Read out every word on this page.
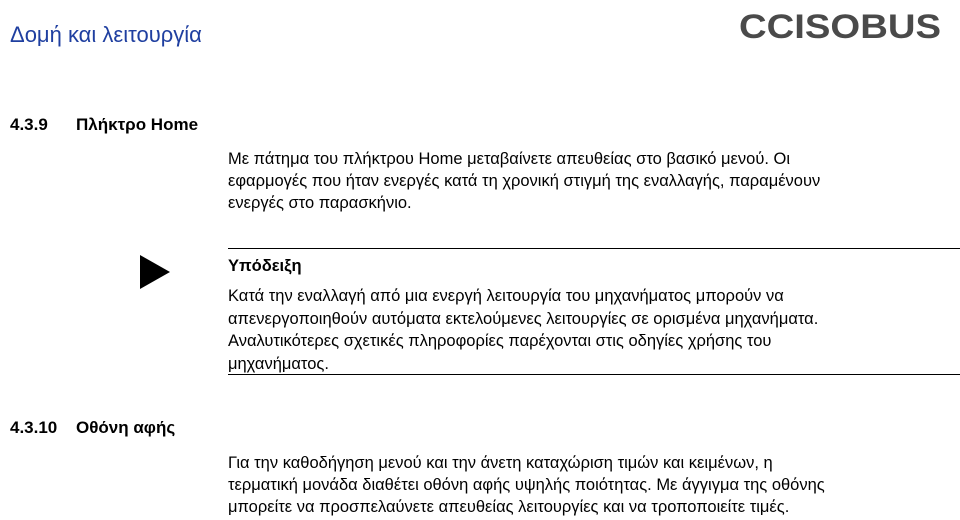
Δομή και λειτουργία	CCISOBUS
4.3.9 Πλήκτρο Home

Με πάτημα του πλήκτρου Home μεταβαίνετε απευθείας στο βασικό μενού. Οι
εφαρμογές που ήταν ενεργές κατά τη χρονική στιγμή της εναλλαγής, παραμένουν
ενεργές στο παρασκήνιο.

Υπόδειξη

Κατά την εναλλαγή από μια ενεργή λειτουργία του μηχανήματος μπορούν να
απενεργοποιηθούν αυτόματα εκτελούμενες λειτουργίες σε ορισμένα μηχανήματα.
Αναλυτικότερες σχετικές πληροφορίες παρέχονται στις οδηγίες χρήσης του
μηχανήματος.

4.3.10 Οθόνη αφής

Για την καθοδήγηση μενού και την άνετη καταχώριση τιμών και κειμένων, η
τερματική μονάδα διαθέτει οθόνη αφής υψηλής ποιότητας. Με άγγιγμα της οθόνης
μπορείτε να προσπελαύνετε απευθείας λειτουργίες και να τροποποιείτε τιμές.
